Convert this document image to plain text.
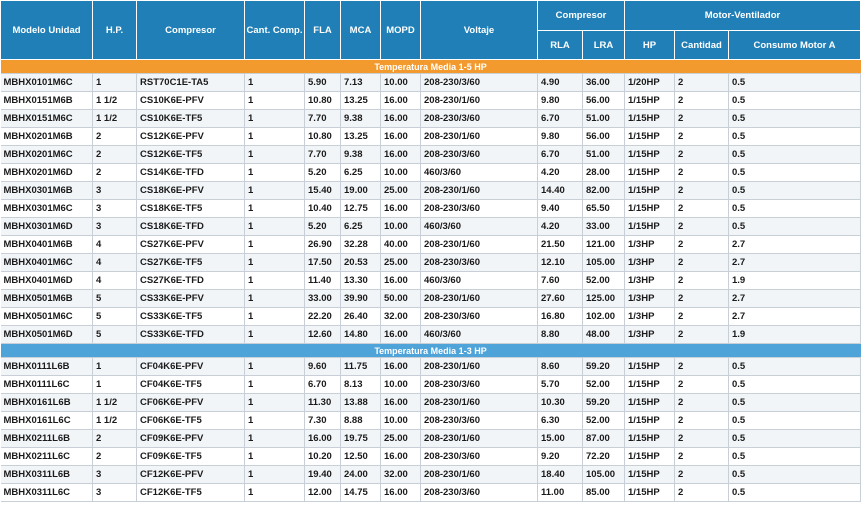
Modelo Unidad	H.P.	Compresor	Cant. Comp.	FLA	MCA	MOPD	Voltaje	Compresor		Motor-Ventilador		
								RLA	LRA	HP	Cantidad	Consumo Motor A
Temperatura Media 1-5 HP												
MBHX0101M6C	1	RST70C1E-TA5	1	5.90	7.13	10.00	208-230/3/60	4.90	36.00	1/20HP	2	0.5
MBHX0151M6B	1 1/2	CS10K6E-PFV	1	10.80	13.25	16.00	208-230/1/60	9.80	56.00	1/15HP	2	0.5
MBHX0151M6C	1 1/2	CS10K6E-TF5	1	7.70	9.38	16.00	208-230/3/60	6.70	51.00	1/15HP	2	0.5
MBHX0201M6B	2	CS12K6E-PFV	1	10.80	13.25	16.00	208-230/1/60	9.80	56.00	1/15HP	2	0.5
MBHX0201M6C	2	CS12K6E-TF5	1	7.70	9.38	16.00	208-230/3/60	6.70	51.00	1/15HP	2	0.5
MBHX0201M6D	2	CS14K6E-TFD	1	5.20	6.25	10.00	460/3/60	4.20	28.00	1/15HP	2	0.5
MBHX0301M6B	3	CS18K6E-PFV	1	15.40	19.00	25.00	208-230/1/60	14.40	82.00	1/15HP	2	0.5
MBHX0301M6C	3	CS18K6E-TF5	1	10.40	12.75	16.00	208-230/3/60	9.40	65.50	1/15HP	2	0.5
MBHX0301M6D	3	CS18K6E-TFD	1	5.20	6.25	10.00	460/3/60	4.20	33.00	1/15HP	2	0.5
MBHX0401M6B	4	CS27K6E-PFV	1	26.90	32.28	40.00	208-230/1/60	21.50	121.00	1/3HP	2	2.7
MBHX0401M6C	4	CS27K6E-TF5	1	17.50	20.53	25.00	208-230/3/60	12.10	105.00	1/3HP	2	2.7
MBHX0401M6D	4	CS27K6E-TFD	1	11.40	13.30	16.00	460/3/60	7.60	52.00	1/3HP	2	1.9
MBHX0501M6B	5	CS33K6E-PFV	1	33.00	39.90	50.00	208-230/1/60	27.60	125.00	1/3HP	2	2.7
MBHX0501M6C	5	CS33K6E-TF5	1	22.20	26.40	32.00	208-230/3/60	16.80	102.00	1/3HP	2	2.7
MBHX0501M6D	5	CS33K6E-TFD	1	12.60	14.80	16.00	460/3/60	8.80	48.00	1/3HP	2	1.9
Temperatura Media 1-3 HP												
MBHX0111L6B	1	CF04K6E-PFV	1	9.60	11.75	16.00	208-230/1/60	8.60	59.20	1/15HP	2	0.5
MBHX0111L6C	1	CF04K6E-TF5	1	6.70	8.13	10.00	208-230/3/60	5.70	52.00	1/15HP	2	0.5
MBHX0161L6B	1 1/2	CF06K6E-PFV	1	11.30	13.88	16.00	208-230/1/60	10.30	59.20	1/15HP	2	0.5
MBHX0161L6C	1 1/2	CF06K6E-TF5	1	7.30	8.88	10.00	208-230/3/60	6.30	52.00	1/15HP	2	0.5
MBHX0211L6B	2	CF09K6E-PFV	1	16.00	19.75	25.00	208-230/1/60	15.00	87.00	1/15HP	2	0.5
MBHX0211L6C	2	CF09K6E-TF5	1	10.20	12.50	16.00	208-230/3/60	9.20	72.20	1/15HP	2	0.5
MBHX0311L6B	3	CF12K6E-PFV	1	19.40	24.00	32.00	208-230/1/60	18.40	105.00	1/15HP	2	0.5
MBHX0311L6C	3	CF12K6E-TF5	1	12.00	14.75	16.00	208-230/3/60	11.00	85.00	1/15HP	2	0.5
